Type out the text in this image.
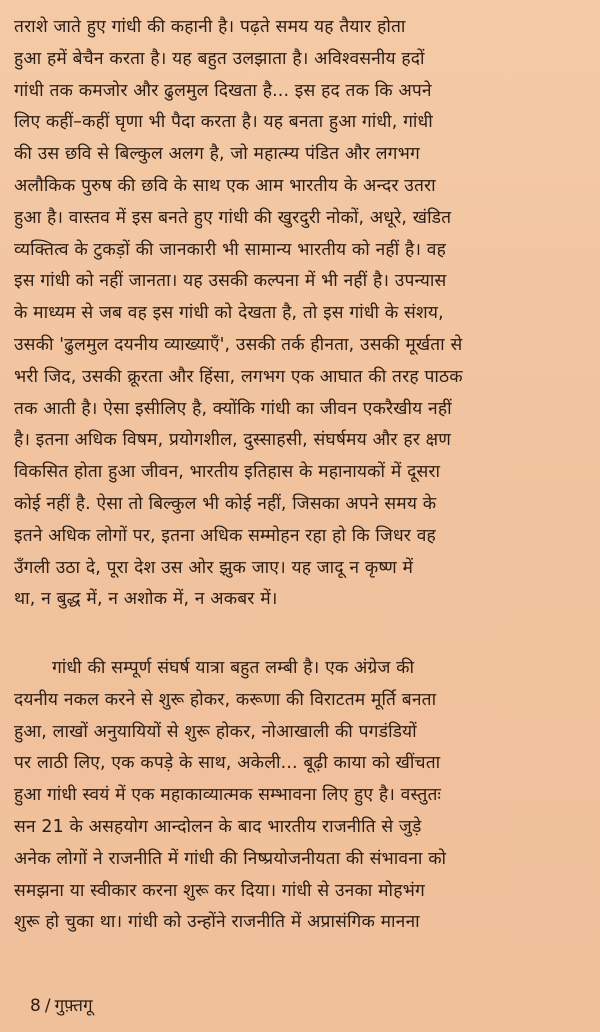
तराशे जाते हुए गांधी की कहानी है। पढ़ते समय यह तैयार होता
हुआ हमें बेचैन करता है। यह बहुत उलझाता है। अविश्वसनीय हदों
गांधी तक कमजोर और ढुलमुल दिखता है... इस हद तक कि अपने
लिए कहीं–कहीं घृणा भी पैदा करता है। यह बनता हुआ गांधी, गांधी
की उस छवि से बिल्कुल अलग है, जो महात्म्य पंडित और लगभग
अलौकिक पुरुष की छवि के साथ एक आम भारतीय के अन्दर उतरा
हुआ है। वास्तव में इस बनते हुए गांधी की खुरदुरी नोकों, अधूरे, खंडित
व्यक्तित्व के टुकड़ों की जानकारी भी सामान्य भारतीय को नहीं है। वह
इस गांधी को नहीं जानता। यह उसकी कल्पना में भी नहीं है। उपन्यास
के माध्यम से जब वह इस गांधी को देखता है, तो इस गांधी के संशय,
उसकी 'ढुलमुल दयनीय व्याख्याएँ', उसकी तर्क हीनता, उसकी मूर्खता से
भरी जिद, उसकी क्रूरता और हिंसा, लगभग एक आघात की तरह पाठक
तक आती है। ऐसा इसीलिए है, क्योंकि गांधी का जीवन एकरैखीय नहीं
है। इतना अधिक विषम, प्रयोगशील, दुस्साहसी, संघर्षमय और हर क्षण
विकसित होता हुआ जीवन, भारतीय इतिहास के महानायकों में दूसरा
कोई नहीं है. ऐसा तो बिल्कुल भी कोई नहीं, जिसका अपने समय के
इतने अधिक लोगों पर, इतना अधिक सम्मोहन रहा हो कि जिधर वह
उँगली उठा दे, पूरा देश उस ओर झुक जाए। यह जादू न कृष्ण में
था, न बुद्ध में, न अशोक में, न अकबर में।

गांधी की सम्पूर्ण संघर्ष यात्रा बहुत लम्बी है। एक अंग्रेज की
दयनीय नकल करने से शुरू होकर, करूणा की विराटतम मूर्ति बनता
हुआ, लाखों अनुयायियों से शुरू होकर, नोआखाली की पगडंडियों
पर लाठी लिए, एक कपड़े के साथ, अकेली... बूढ़ी काया को खींचता
हुआ गांधी स्वयं में एक महाकाव्यात्मक सम्भावना लिए हुए है। वस्तुतः
सन 21 के असहयोग आन्दोलन के बाद भारतीय राजनीति से जुड़े
अनेक लोगों ने राजनीति में गांधी की निष्प्रयोजनीयता की संभावना को
समझना या स्वीकार करना शुरू कर दिया। गांधी से उनका मोहभंग
शुरू हो चुका था। गांधी को उन्होंने राजनीति में अप्रासंगिक मानना

8 / गुफ़्तगू
